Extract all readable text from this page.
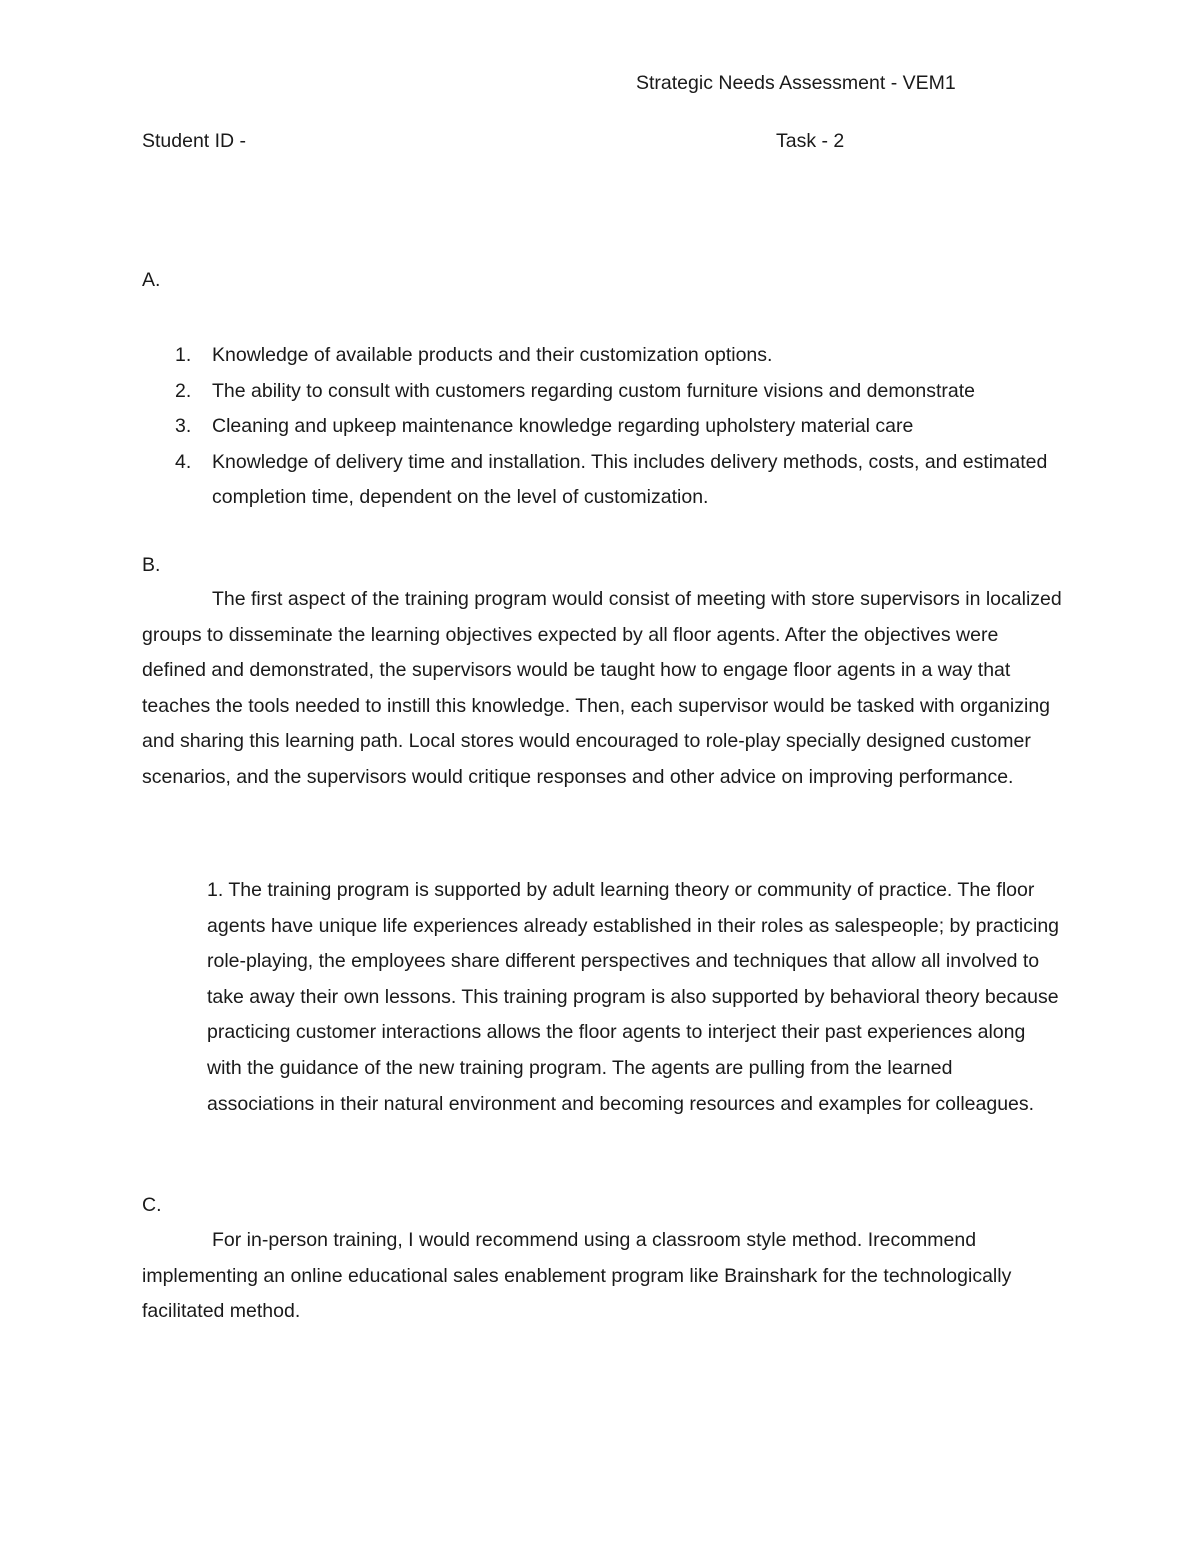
Strategic Needs Assessment - VEM1
Student ID -	Task - 2
A.
1. Knowledge of available products and their customization options.
2. The ability to consult with customers regarding custom furniture visions and demonstrate
3. Cleaning and upkeep maintenance knowledge regarding upholstery material care
4. Knowledge of delivery time and installation. This includes delivery methods, costs, and estimated completion time, dependent on the level of customization.
B.

The first aspect of the training program would consist of meeting with store supervisors in localized groups to disseminate the learning objectives expected by all floor agents. After the objectives were defined and demonstrated, the supervisors would be taught how to engage floor agents in a way that teaches the tools needed to instill this knowledge. Then, each supervisor would be tasked with organizing and sharing this learning path. Local stores would encouraged to role-play specially designed customer scenarios, and the supervisors would critique responses and other advice on improving performance.

1. The training program is supported by adult learning theory or community of practice. The floor agents have unique life experiences already established in their roles as salespeople; by practicing role-playing, the employees share different perspectives and techniques that allow all involved to take away their own lessons. This training program is also supported by behavioral theory because practicing customer interactions allows the floor agents to interject their past experiences along with the guidance of the new training program. The agents are pulling from the learned associations in their natural environment and becoming resources and examples for colleagues.

C.

For in-person training, I would recommend using a classroom style method. Irecommend implementing an online educational sales enablement program like Brainshark for the technologically facilitated method.
